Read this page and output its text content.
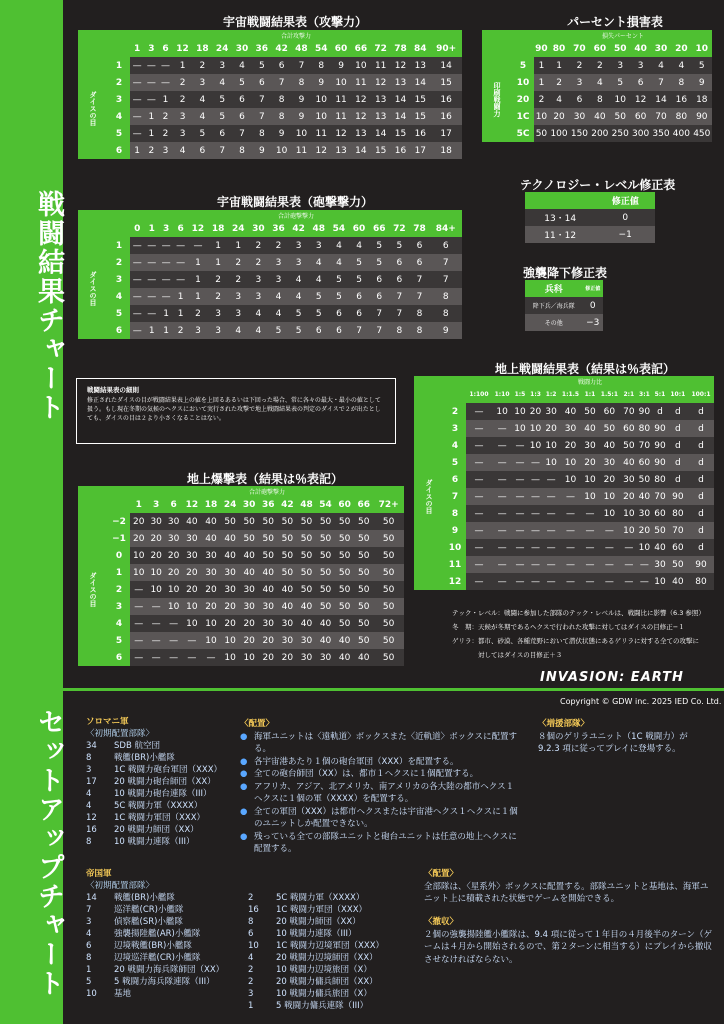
戦闘結果チャート
セットアップチャート
宇宙戦闘結果表（攻撃力）
		合計攻撃力																
		1	3	6	12	18	24	30	36	42	48	54	60	66	72	78	84	90+
ダイスの目	1	—	—	—	1	2	3	4	5	6	7	8	9	10	11	12	13	14
	2	—	—	—	2	3	4	5	6	7	8	9	10	11	12	13	14	15
	3	—	—	1	2	4	5	6	7	8	9	10	11	12	13	14	15	16
	4	—	1	2	3	4	5	6	7	8	9	10	11	12	13	14	15	16
	5	—	1	2	3	5	6	7	8	9	10	11	12	13	14	15	16	17
	6	1	2	3	4	6	7	8	9	10	11	12	13	14	15	16	17	18
パーセント損害表
		損失パーセント								
		90	80	70	60	50	40	30	20	10
印刷戦闘力	5	1	1	2	2	3	3	4	4	5
	10	1	2	3	4	5	6	7	8	9
	20	2	4	6	8	10	12	14	16	18
	1C	10	20	30	40	50	60	70	80	90
	5C	50	100	150	200	250	300	350	400	450
宇宙戦闘結果表（砲撃撃力）
		合計砲撃撃力																
		0	1	3	6	12	18	24	30	36	42	48	54	60	66	72	78	84+
ダイスの目	1	—	—	—	—	—	1	1	2	2	3	3	4	4	5	5	6	6
	2	—	—	—	—	1	1	2	2	3	3	4	4	5	5	6	6	7
	3	—	—	—	—	1	2	2	3	3	4	4	5	5	6	6	7	7
	4	—	—	—	1	1	2	3	3	4	4	5	5	6	6	7	7	8
	5	—	—	1	1	2	3	3	4	4	5	5	6	6	7	7	8	8
	6	—	1	1	2	3	3	4	4	5	5	6	6	7	7	8	8	9
テクノロジー・レベル修正表
	修正値
13・14	0
11・12	−1
強襲降下修正表
兵科	修正値
降下兵／海兵隊	0
その他	−3
戦闘結果表の細則
修正されたダイスの目が戦闘結果表上の値を上回るあるいは下回った場合、常に各々の最大・最小の値として扱う。もし現在冬期の気候のヘクスにおいて実行された攻撃で地上戦闘結果表の判定のダイスで２が出たとしても、ダイスの目は２より小さくなることはない。
地上戦闘結果表（結果は％表記）
		戦闘力比												
		1:100	1:10	1:5	1:3	1:2	1:1.5	1:1	1.5:1	2:1	3:1	5:1	10:1	100:1
ダイスの目	2	—	10	10	20	30	40	50	60	70	90	d	d	d
	3	—	—	10	10	20	30	40	50	60	80	90	d	d
	4	—	—	—	10	10	20	30	40	50	70	90	d	d
	5	—	—	—	—	10	10	20	30	40	60	90	d	d
	6	—	—	—	—	—	10	10	20	30	50	80	d	d
	7	—	—	—	—	—	—	10	10	20	40	70	90	d
	8	—	—	—	—	—	—	—	10	10	30	60	80	d
	9	—	—	—	—	—	—	—	—	10	20	50	70	d
	10	—	—	—	—	—	—	—	—	—	10	40	60	d
	11	—	—	—	—	—	—	—	—	—	—	30	50	90
	12	—	—	—	—	—	—	—	—	—	—	10	40	80
地上爆撃表（結果は％表記）
		合計砲撃撃力													
		1	3	6	12	18	24	30	36	42	48	54	60	66	72+
ダイスの目	−2	20	30	30	40	40	50	50	50	50	50	50	50	50	50
	−1	20	20	30	30	40	40	50	50	50	50	50	50	50	50
	0	10	20	20	30	30	40	40	50	50	50	50	50	50	50
	1	10	10	20	20	30	30	40	40	50	50	50	50	50	50
	2	—	10	10	20	20	30	30	40	40	50	50	50	50	50
	3	—	—	10	10	20	20	30	30	40	40	50	50	50	50
	4	—	—	—	10	10	20	20	30	30	40	40	50	50	50
	5	—	—	—	—	10	10	20	20	30	30	40	40	50	50
	6	—	—	—	—	—	10	10	20	20	30	30	40	40	50
テック・レベル：戦闘に参加した部隊のテック・レベルは、戦闘比に影響（6.3 参照）
冬　期：天候が冬期であるヘクスで行われた攻撃に対してはダイスの目修正−１
ゲリラ：都市、砂漠、各種荒野において潜伏状態にあるゲリラに対する全ての攻撃に
　　　　対してはダイスの目修正＋３
INVASION: EARTH
Copyright © GDW inc. 2025 IED Co. Ltd.
ソロマニ軍
〈初期配置部隊〉
34	SDB 航空団
8	戦艦(BR)小艦隊
3	1C 戦闘力砲台軍団（XXX）
17	20 戦闘力砲台師団（XX）
4	10 戦闘力砲台連隊（III）
4	5C 戦闘力軍（XXXX）
12	1C 戦闘力軍団（XXX）
16	20 戦闘力師団（XX）
8	10 戦闘力連隊（III）
〈配置〉
● 海軍ユニットは〈遠軌道〉ボックスまた〈近軌道〉ボックスに配置する。
● 各宇宙港あたり１個の砲台軍団（XXX）を配置する。
● 全ての砲台師団（XX）は、都市１ヘクスに１個配置する。
● アフリカ、アジア、北アメリカ、南アメリカの各大陸の都市ヘクス１ヘクスに１個の軍（XXXX）を配置する。
● 全ての軍団（XXX）は都市ヘクスまたは宇宙港ヘクス１ヘクスに１個のユニットしか配置できない。
● 残っている全ての部隊ユニットと砲台ユニットは任意の地上ヘクスに配置する。
〈増援部隊〉
８個のゲリラユニット（1C 戦闘力）が 9.2.3 項に従ってプレイに登場する。
帝国軍
〈初期配置部隊〉
14	戦艦(BR)小艦隊
7	巡洋艦(CR)小艦隊
3	偵察艦(SR)小艦隊
4	強襲揚陸艦(AR)小艦隊
6	辺境戦艦(BR)小艦隊
8	辺境巡洋艦(CR)小艦隊
1	20 戦闘力海兵隊師団（XX）
5	5 戦闘力海兵隊連隊（III）
10	基地
2	5C 戦闘力軍（XXXX）
16	1C 戦闘力軍団（XXX）
8	20 戦闘力師団（XX）
6	10 戦闘力連隊（III）
10	1C 戦闘力辺境軍団（XXX）
4	20 戦闘力辺境師団（XX）
2	10 戦闘力辺境旅団（X）
2	20 戦闘力傭兵師団（XX）
3	10 戦闘力傭兵旅団（X）
1	5 戦闘力傭兵連隊（III）
〈配置〉
全部隊は、〈星系外〉ボックスに配置する。部隊ユニットと基地は、海軍ユニット上に積載された状態でゲームを開始できる。
〈撤収〉
２個の強襲揚陸艦小艦隊は、9.4 項に従って１年目の４月後半のターン（ゲームは４月から開始されるので、第２ターンに相当する）にプレイから撤収させなければならない。
